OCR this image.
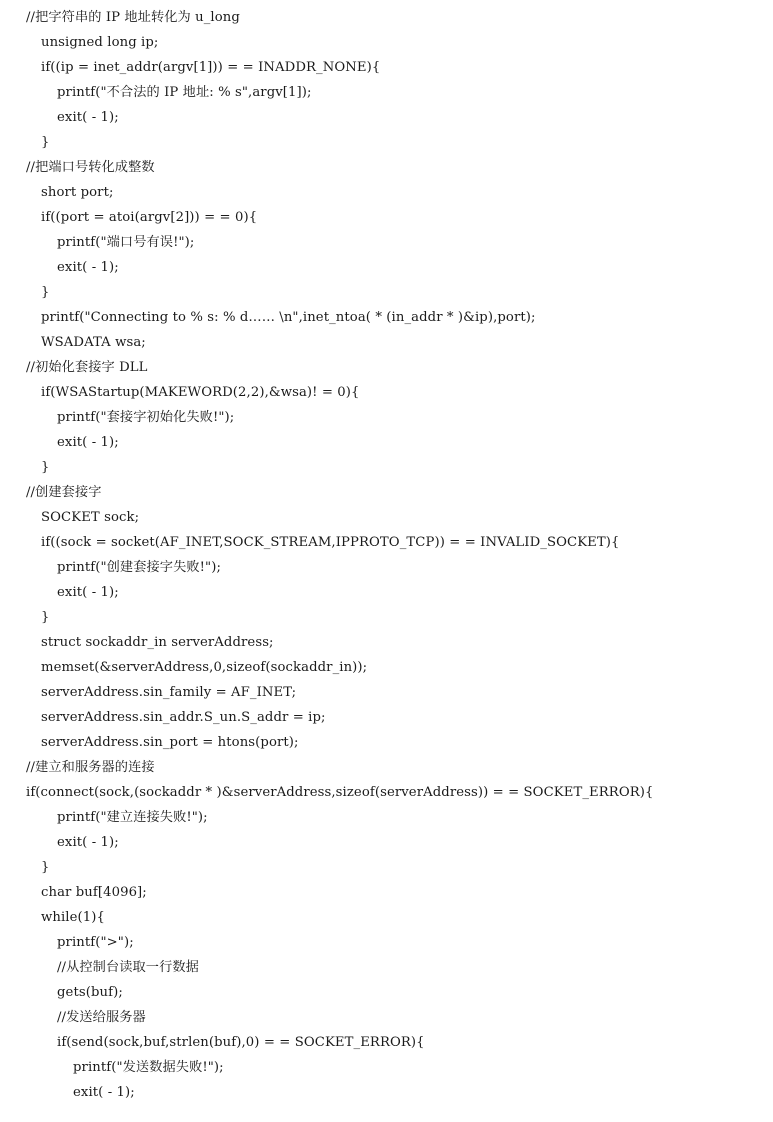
//把字符串的 IP 地址转化为 u_long
unsigned long ip;
if((ip = inet_addr(argv[1])) = = INADDR_NONE){
printf("不合法的 IP 地址: % s",argv[1]);
exit( - 1);
}
//把端口号转化成整数
short port;
if((port = atoi(argv[2])) = = 0){
printf("端口号有误!");
exit( - 1);
}
printf("Connecting to % s: % d…… \n",inet_ntoa( * (in_addr * )&ip),port);
WSADATA wsa;
//初始化套接字 DLL
if(WSAStartup(MAKEWORD(2,2),&wsa)! = 0){
printf("套接字初始化失败!");
exit( - 1);
}
//创建套接字
SOCKET sock;
if((sock = socket(AF_INET,SOCK_STREAM,IPPROTO_TCP)) = = INVALID_SOCKET){
printf("创建套接字失败!");
exit( - 1);
}
struct sockaddr_in serverAddress;
memset(&serverAddress,0,sizeof(sockaddr_in));
serverAddress.sin_family = AF_INET;
serverAddress.sin_addr.S_un.S_addr = ip;
serverAddress.sin_port = htons(port);
//建立和服务器的连接
if(connect(sock,(sockaddr * )&serverAddress,sizeof(serverAddress)) = = SOCKET_ERROR){
printf("建立连接失败!");
exit( - 1);
}
char buf[4096];
while(1){
printf(">");
//从控制台读取一行数据
gets(buf);
//发送给服务器
if(send(sock,buf,strlen(buf),0) = = SOCKET_ERROR){
printf("发送数据失败!");
exit( - 1);
